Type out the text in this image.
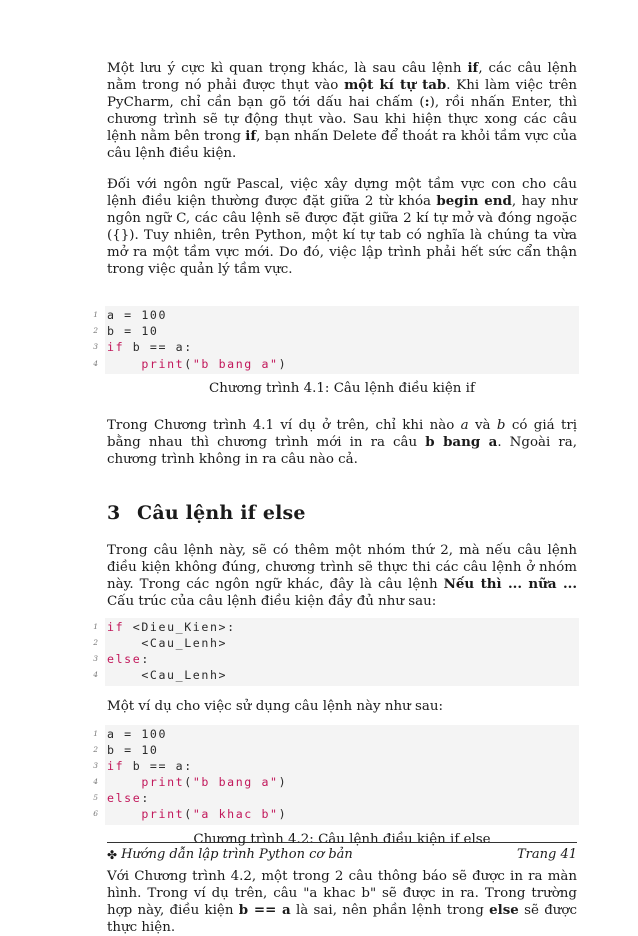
Một lưu ý cực kì quan trọng khác, là sau câu lệnh if, các câu lệnh nằm trong nó phải được thụt vào một kí tự tab. Khi làm việc trên PyCharm, chỉ cần bạn gõ tới dấu hai chấm (:), rồi nhấn Enter, thì chương trình sẽ tự động thụt vào. Sau khi hiện thực xong các câu lệnh nằm bên trong if, bạn nhấn Delete để thoát ra khỏi tầm vực của câu lệnh điều kiện.

Đối với ngôn ngữ Pascal, việc xây dựng một tầm vực con cho câu lệnh điều kiện thường được đặt giữa 2 từ khóa begin end, hay như ngôn ngữ C, các câu lệnh sẽ được đặt giữa 2 kí tự mở và đóng ngoặc ({}). Tuy nhiên, trên Python, một kí tự tab có nghĩa là chúng ta vừa mở ra một tầm vực mới. Do đó, việc lập trình phải hết sức cẩn thận trong việc quản lý tầm vực.

1 a = 100
2 b = 10
3 if b == a:
4	print("b bang a")

Chương trình 4.1: Câu lệnh điều kiện if

Trong Chương trình 4.1 ví dụ ở trên, chỉ khi nào a và b có giá trị bằng nhau thì chương trình mới in ra câu b bang a. Ngoài ra, chương trình không in ra câu nào cả.

3 Câu lệnh if else

Trong câu lệnh này, sẽ có thêm một nhóm thứ 2, mà nếu câu lệnh điều kiện không đúng, chương trình sẽ thực thi các câu lệnh ở nhóm này. Trong các ngôn ngữ khác, đây là câu lệnh Nếu thì ... nữa ... Cấu trúc của câu lệnh điều kiện đầy đủ như sau:

1 if <Dieu_Kien>:
2 <Cau_Lenh>
3 else:
4 <Cau_Lenh>

Một ví dụ cho việc sử dụng câu lệnh này như sau:

1 a = 100
2 b = 10
3 if b == a:
4	print("b bang a")
5 else:
6	print("a khac b")

Chương trình 4.2: Câu lệnh điều kiện if else

Với Chương trình 4.2, một trong 2 câu thông báo sẽ được in ra màn hình. Trong ví dụ trên, câu "a khac b" sẽ được in ra. Trong trường hợp này, điều kiện b == a là sai, nên phần lệnh trong else sẽ được thực hiện.

✤ Hướng dẫn lập trình Python cơ bản	Trang 41
